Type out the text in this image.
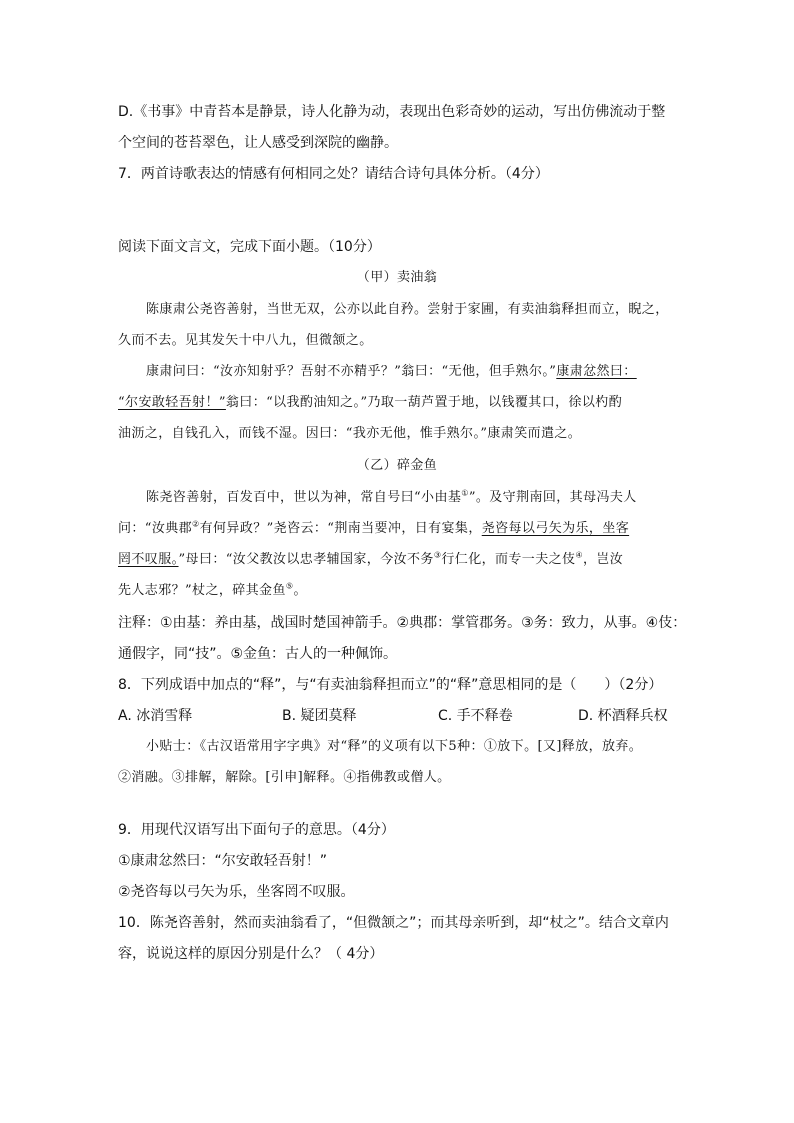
D.《书事》中青苔本是静景，诗人化静为动，表现出色彩奇妙的运动，写出仿佛流动于整
个空间的苍苔翠色，让人感受到深院的幽静。
7．两首诗歌表达的情感有何相同之处？请结合诗句具体分析。（4分）
阅读下面文言文，完成下面小题。（10分）
（甲）卖油翁
陈康肃公尧咨善射，当世无双，公亦以此自矜。尝射于家圃，有卖油翁释担而立，睨之，
久而不去。见其发矢十中八九，但微颔之。
康肃问曰：“汝亦知射乎？吾射不亦精乎？”翁曰：“无他，但手熟尔。”康肃忿然曰：
“尔安敢轻吾射！”翁曰：“以我酌油知之。”乃取一葫芦置于地，以钱覆其口，徐以杓酌
油沥之，自钱孔入，而钱不湿。因曰：“我亦无他，惟手熟尔。”康肃笑而遣之。
（乙）碎金鱼
陈尧咨善射，百发百中，世以为神，常自号曰“小由基①”。及守荆南回，其母冯夫人
问：“汝典郡②有何异政？”尧咨云：“荆南当要冲，日有宴集，尧咨每以弓矢为乐，坐客
罔不叹服。”母曰：“汝父教汝以忠孝辅国家，今汝不务③行仁化，而专一夫之伎④，岂汝
先人志邪？”杖之，碎其金鱼⑤。
注释：①由基：养由基，战国时楚国神箭手。②典郡：掌管郡务。③务：致力，从事。④伎：
通假字，同“技”。⑤金鱼：古人的一种佩饰。
8．下列成语中加点的“释”，与“有卖油翁释担而立”的“释”意思相同的是（　　）（2分）
A. 冰消雪释	B. 疑团莫释	C. 手不释卷	D. 杯酒释兵权
小贴士：《古汉语常用字字典》对“释”的义项有以下5种：①放下。[又]释放，放弃。
②消融。③排解，解除。[引申]解释。④指佛教或僧人。
9．用现代汉语写出下面句子的意思。（4分）
①康肃忿然曰：“尔安敢轻吾射！”
②尧咨每以弓矢为乐，坐客罔不叹服。
10．陈尧咨善射，然而卖油翁看了，“但微颔之”；而其母亲听到，却“杖之”。结合文章内
容，说说这样的原因分别是什么？（ 4分）
